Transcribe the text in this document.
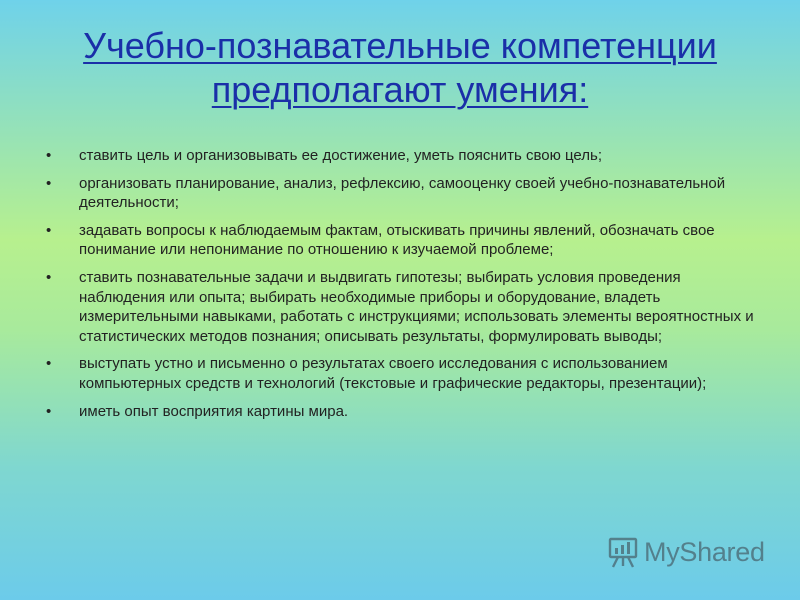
Учебно-познавательные компетенции
предполагают умения:
• ставить цель и организовывать ее достижение, уметь пояснить свою цель;
• организовать планирование, анализ, рефлексию, самооценку своей учебно-познавательной деятельности;
• задавать вопросы к наблюдаемым фактам, отыскивать причины явлений, обозначать свое понимание или непонимание по отношению к изучаемой проблеме;
• ставить познавательные задачи и выдвигать гипотезы; выбирать условия проведения наблюдения или опыта; выбирать необходимые приборы и оборудование, владеть измерительными навыками, работать с инструкциями; использовать элементы вероятностных и статистических методов познания; описывать результаты, формулировать выводы;
• выступать устно и письменно о результатах своего исследования с использованием компьютерных средств и технологий (текстовые и графические редакторы, презентации);
• иметь опыт восприятия картины мира.
MyShared
